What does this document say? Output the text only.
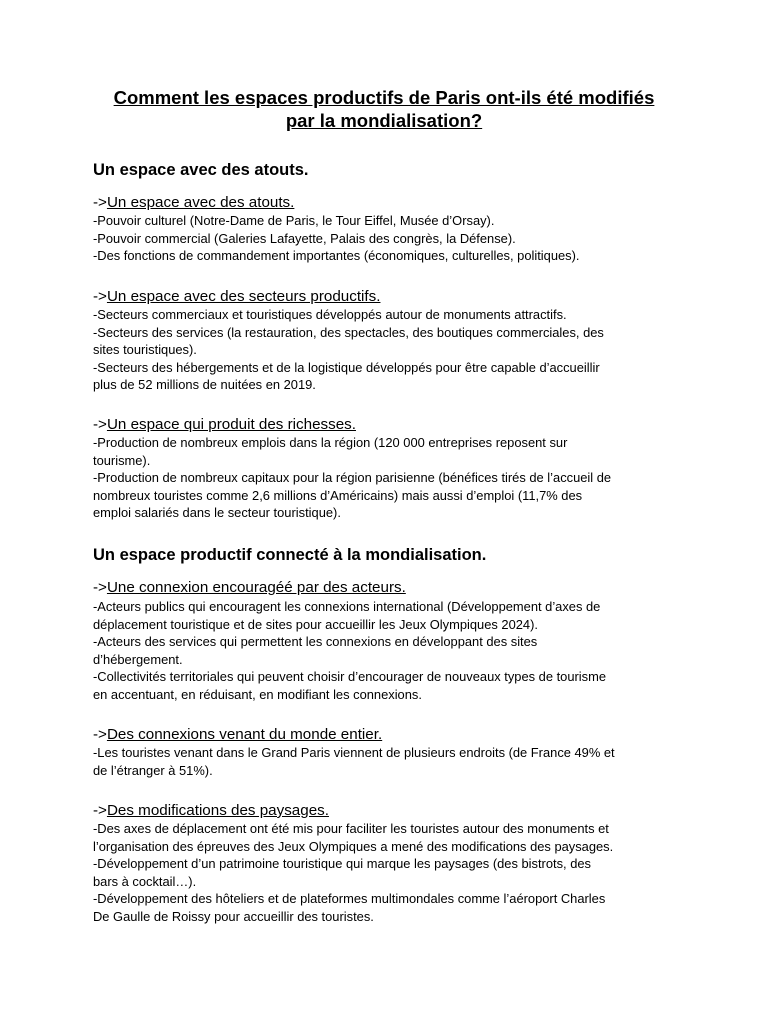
Comment les espaces productifs de Paris ont-ils été modifiés
par la mondialisation?
Un espace avec des atouts.
->Un espace avec des atouts.
-Pouvoir culturel (Notre-Dame de Paris, le Tour Eiffel, Musée d’Orsay).
-Pouvoir commercial (Galeries Lafayette, Palais des congrès, la Défense).
-Des fonctions de commandement importantes (économiques, culturelles, politiques).
->Un espace avec des secteurs productifs.
-Secteurs commerciaux et touristiques développés autour de monuments attractifs.
-Secteurs des services (la restauration, des spectacles, des boutiques commerciales, des
sites touristiques).
-Secteurs des hébergements et de la logistique développés pour être capable d’accueillir
plus de 52 millions de nuitées en 2019.
->Un espace qui produit des richesses.
-Production de nombreux emplois dans la région (120 000 entreprises reposent sur
tourisme).
-Production de nombreux capitaux pour la région parisienne (bénéfices tirés de l’accueil de
nombreux touristes comme 2,6 millions d’Américains) mais aussi d’emploi (11,7% des
emploi salariés dans le secteur touristique).
Un espace productif connecté à la mondialisation.
->Une connexion encouragéé par des acteurs.
-Acteurs publics qui encouragent les connexions international (Développement d’axes de
déplacement touristique et de sites pour accueillir les Jeux Olympiques 2024).
-Acteurs des services qui permettent les connexions en développant des sites
d’hébergement.
-Collectivités territoriales qui peuvent choisir d’encourager de nouveaux types de tourisme
en accentuant, en réduisant, en modifiant les connexions.
->Des connexions venant du monde entier.
-Les touristes venant dans le Grand Paris viennent de plusieurs endroits (de France 49% et
de l’étranger à 51%).
->Des modifications des paysages.
-Des axes de déplacement ont été mis pour faciliter les touristes autour des monuments et
l’organisation des épreuves des Jeux Olympiques a mené des modifications des paysages.
-Développement d’un patrimoine touristique qui marque les paysages (des bistrots, des
bars à cocktail…).
-Développement des hôteliers et de plateformes multimondales comme l’aéroport Charles
De Gaulle de Roissy pour accueillir des touristes.
